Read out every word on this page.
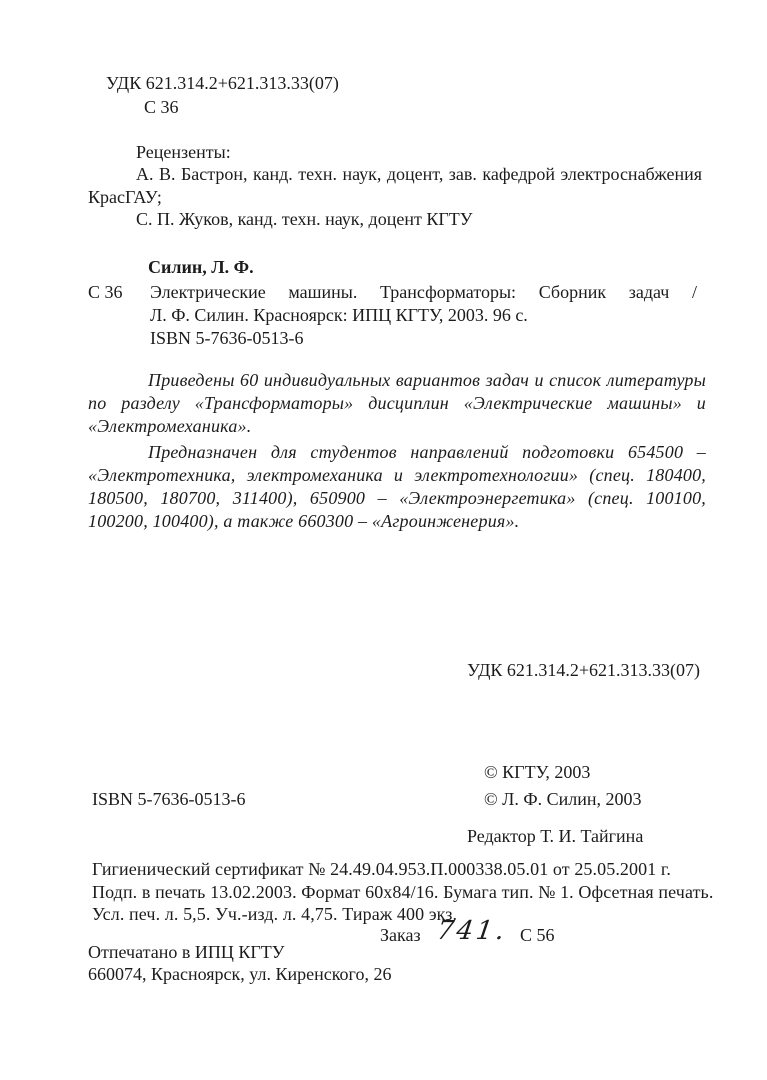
УДК 621.314.2+621.313.33(07)
С 36
Рецензенты:
А. В. Бастрон, канд. техн. наук, доцент, зав. кафедрой электроснабжения КрасГАУ;
С. П. Жуков, канд. техн. наук, доцент КГТУ
Силин, Л. Ф.
С 36 Электрические машины. Трансформаторы: Сборник задач /
Л. Ф. Силин. Красноярск: ИПЦ КГТУ, 2003. 96 с.
ISBN 5-7636-0513-6
Приведены 60 индивидуальных вариантов задач и список литературы по разделу «Трансформаторы» дисциплин «Электрические машины» и «Электромеханика».
Предназначен для студентов направлений подготовки 654500 – «Электротехника, электромеханика и электротехнологии» (спец. 180400, 180500, 180700, 311400), 650900 – «Электроэнергетика» (спец. 100100, 100200, 100400), а также 660300 – «Агроинженерия».
УДК 621.314.2+621.313.33(07)
© КГТУ, 2003
ISBN 5-7636-0513-6	© Л. Ф. Силин, 2003
Редактор Т. И. Тайгина
Гигиенический сертификат № 24.49.04.953.П.000338.05.01 от 25.05.2001 г.
Подп. в печать 13.02.2003. Формат 60х84/16. Бумага тип. № 1. Офсетная печать.
Усл. печ. л. 5,5. Уч.-изд. л. 4,75. Тираж 400 экз.
Заказ 741. С 56
Отпечатано в ИПЦ КГТУ
660074, Красноярск, ул. Киренского, 26
